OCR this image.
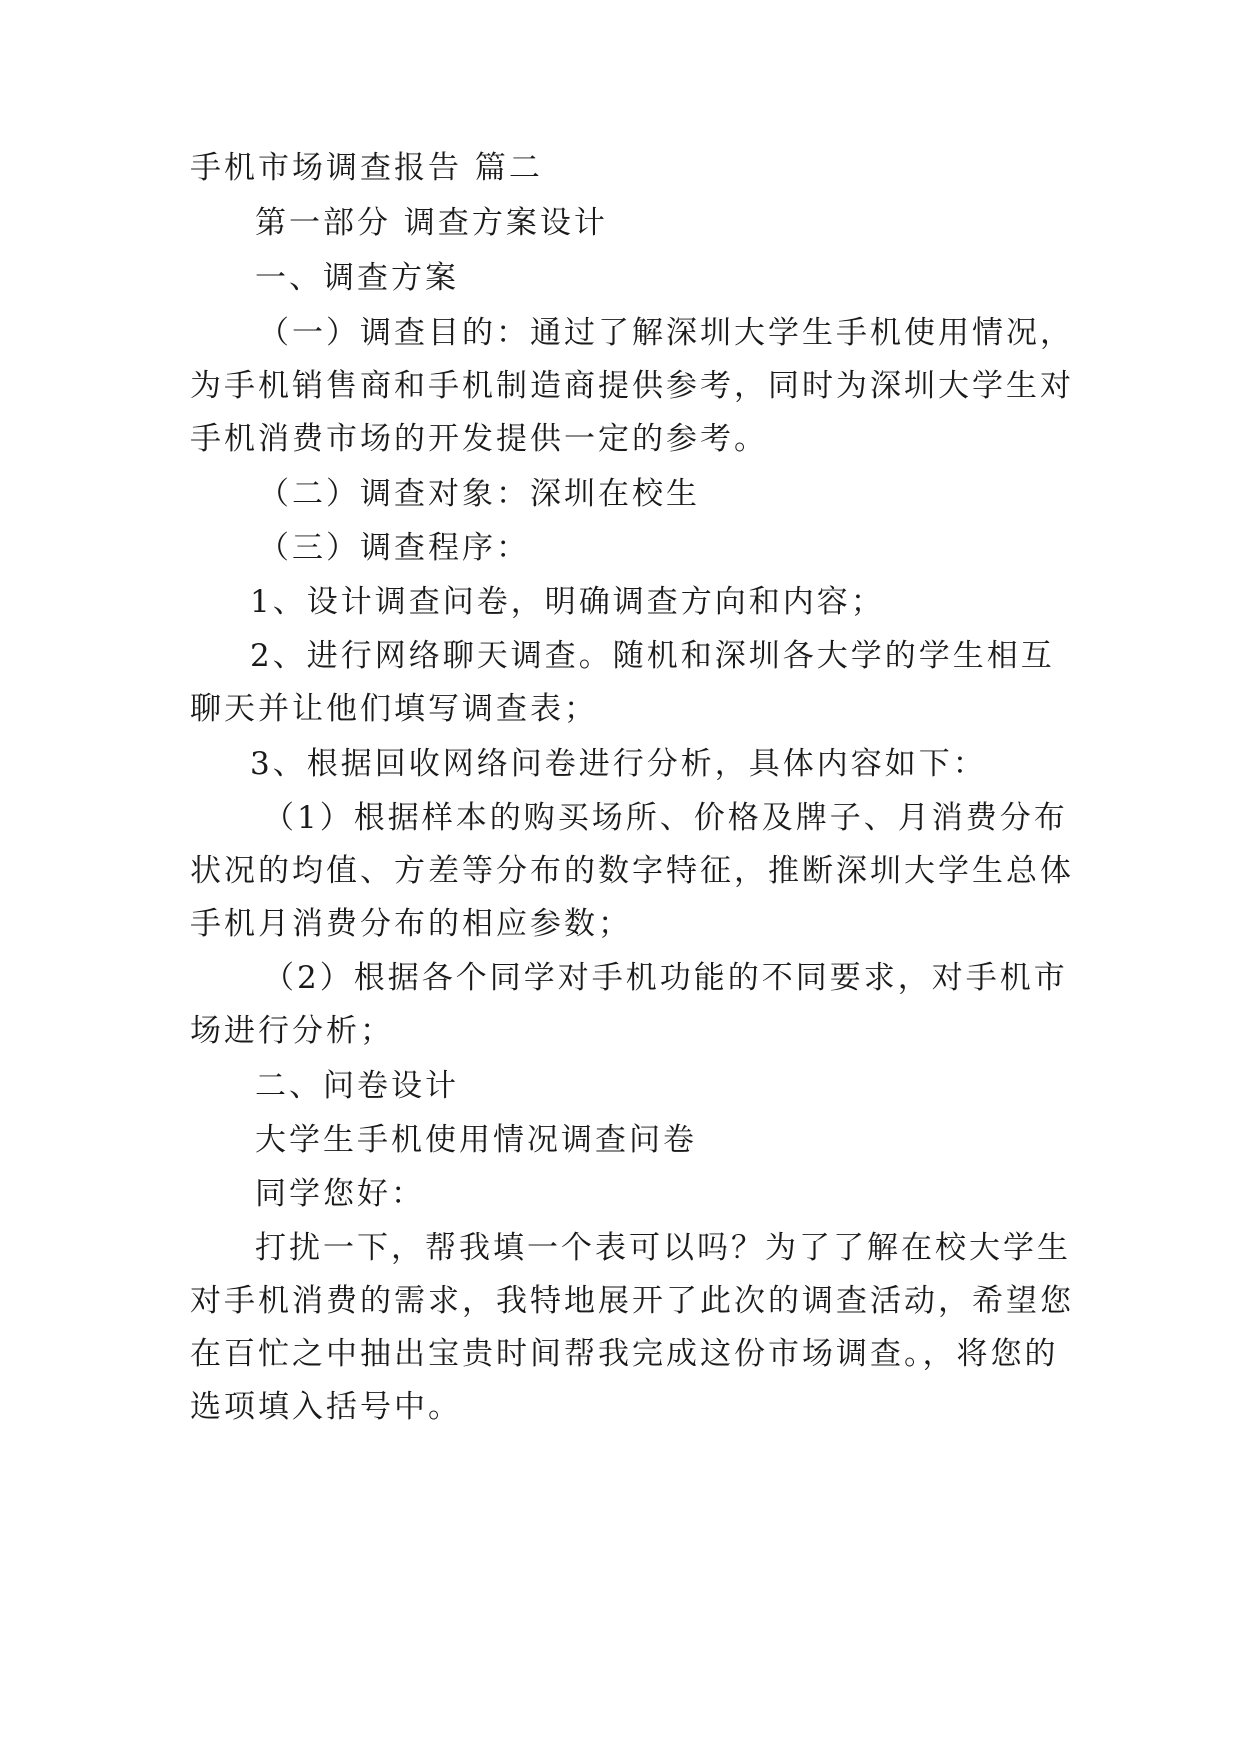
手机市场调查报告 篇二
第一部分 调查方案设计
一、调查方案
（一）调查目的：通过了解深圳大学生手机使用情况，
为手机销售商和手机制造商提供参考，同时为深圳大学生对
手机消费市场的开发提供一定的参考。
（二）调查对象：深圳在校生
（三）调查程序：
1、设计调查问卷，明确调查方向和内容；
2、进行网络聊天调查。随机和深圳各大学的学生相互
聊天并让他们填写调查表；
3、根据回收网络问卷进行分析，具体内容如下：
（1）根据样本的购买场所、价格及牌子、月消费分布
状况的均值、方差等分布的数字特征，推断深圳大学生总体
手机月消费分布的相应参数；
（2）根据各个同学对手机功能的不同要求，对手机市
场进行分析；
二、问卷设计
大学生手机使用情况调查问卷
同学您好：
打扰一下，帮我填一个表可以吗？为了了解在校大学生
对手机消费的需求，我特地展开了此次的调查活动，希望您
在百忙之中抽出宝贵时间帮我完成这份市场调查。，将您的
选项填入括号中。
